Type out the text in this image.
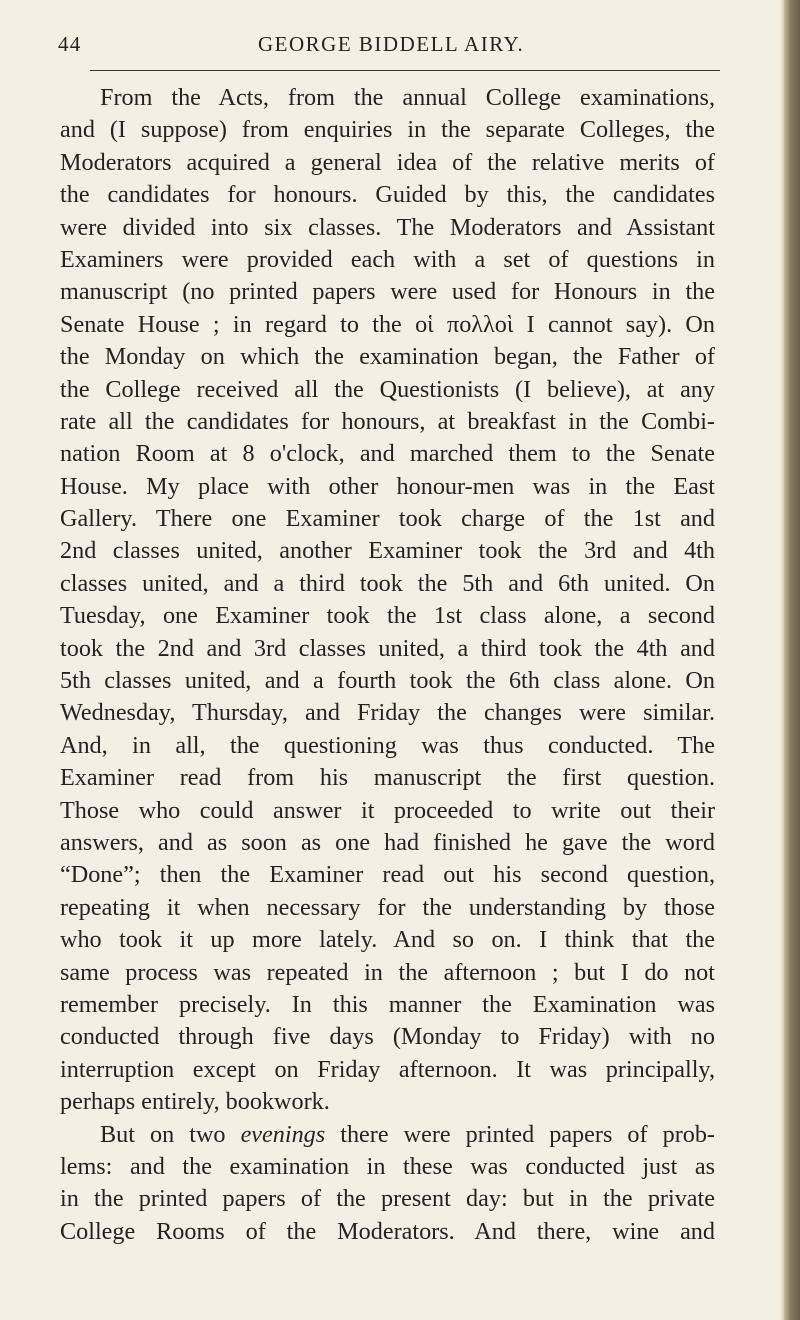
44	GEORGE BIDDELL AIRY.
From the Acts, from the annual College examinations,
and (I suppose) from enquiries in the separate Colleges, the
Moderators acquired a general idea of the relative merits of
the candidates for honours. Guided by this, the candidates
were divided into six classes. The Moderators and Assistant
Examiners were provided each with a set of questions in
manuscript (no printed papers were used for Honours in the
Senate House ; in regard to the οἱ πολλοὶ I cannot say). On
the Monday on which the examination began, the Father of
the College received all the Questionists (I believe), at any
rate all the candidates for honours, at breakfast in the Combi-
nation Room at 8 o'clock, and marched them to the Senate
House. My place with other honour-men was in the East
Gallery. There one Examiner took charge of the 1st and
2nd classes united, another Examiner took the 3rd and 4th
classes united, and a third took the 5th and 6th united. On
Tuesday, one Examiner took the 1st class alone, a second
took the 2nd and 3rd classes united, a third took the 4th and
5th classes united, and a fourth took the 6th class alone. On
Wednesday, Thursday, and Friday the changes were similar.
And, in all, the questioning was thus conducted. The
Examiner read from his manuscript the first question.
Those who could answer it proceeded to write out their
answers, and as soon as one had finished he gave the word
“Done”; then the Examiner read out his second question,
repeating it when necessary for the understanding by those
who took it up more lately. And so on. I think that the
same process was repeated in the afternoon ; but I do not
remember precisely. In this manner the Examination was
conducted through five days (Monday to Friday) with no
interruption except on Friday afternoon. It was principally,
perhaps entirely, bookwork.
But on two evenings there were printed papers of prob-
lems: and the examination in these was conducted just as
in the printed papers of the present day: but in the private
College Rooms of the Moderators. And there, wine and
